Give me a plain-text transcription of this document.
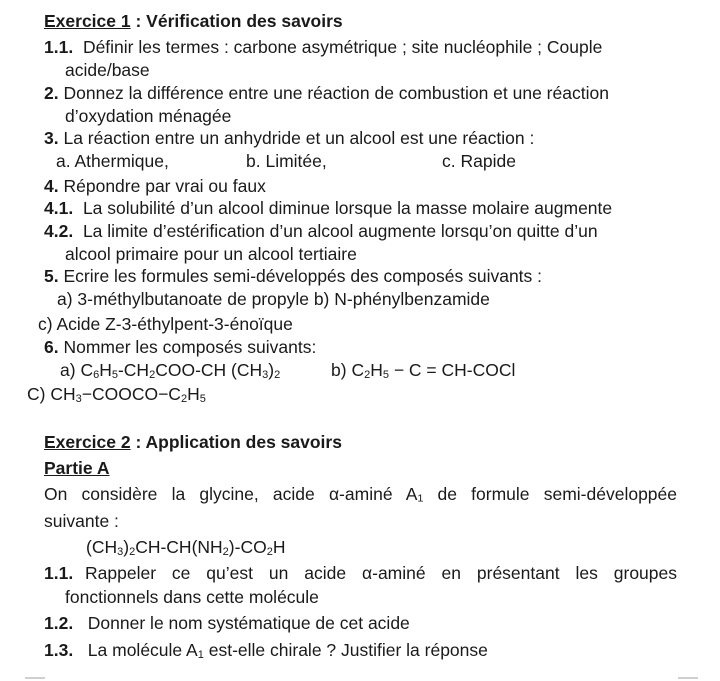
Exercice 1 : Vérification des savoirs
1.1. Définir les termes : carbone asymétrique ; site nucléophile ; Couple
acide/base
2. Donnez la différence entre une réaction de combustion et une réaction
d’oxydation ménagée
3. La réaction entre un anhydride et un alcool est une réaction :
a. Athermique,	b. Limitée,	c. Rapide
4. Répondre par vrai ou faux
4.1. La solubilité d’un alcool diminue lorsque la masse molaire augmente
4.2. La limite d’estérification d’un alcool augmente lorsqu’on quitte d’un
alcool primaire pour un alcool tertiaire
5. Ecrire les formules semi-développés des composés suivants :
a) 3-méthylbutanoate de propyle b) N-phénylbenzamide
c) Acide Z-3-éthylpent-3-énoïque
6. Nommer les composés suivants:
a) $C_6H_5-CH_2COO-CH$ $(CH_3)_2$	b) $C_2H_5 - C$ = CH-COCl
C) $CH_3-COOCO-C_2H_5$
Exercice 2 : Application des savoirs
Partie A
On considère la glycine, acide α-aminé A₁ de formule semi-développée
suivante :
$(CH_3)_2CH-CH(NH_2)-CO_2H$
1.1. Rappeler ce qu’est un acide α-aminé en présentant les groupes
fonctionnels dans cette molécule
1.2. Donner le nom systématique de cet acide
1.3. La molécule $A_1$ est-elle chirale ? Justifier la réponse
